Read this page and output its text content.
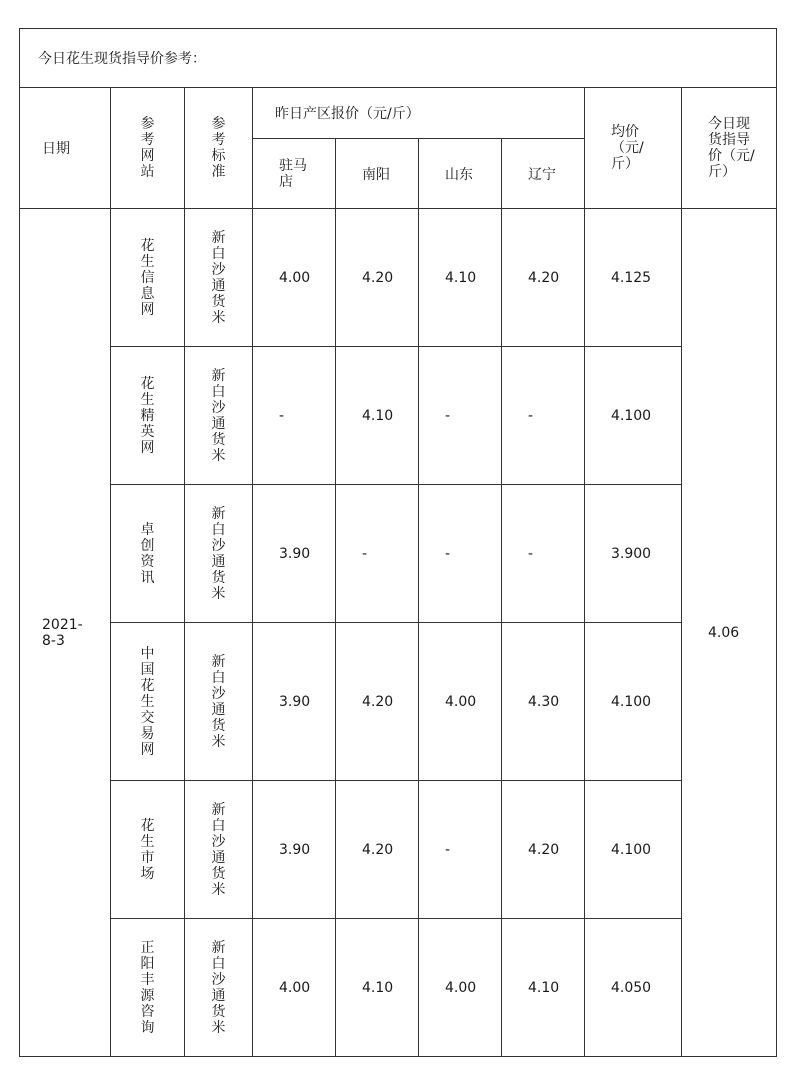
今日花生现货指导价参考：								
日期	参考网站	参考标准	昨日产区报价（元/斤）				均价（元/斤）	今日现货指导价（元/斤）

			驻马店	南阳	山东	辽宁		
2021-8-3	花生信息网	新白沙通货米	4.00	4.20	4.10	4.20	4.125	4.06

	花生精英网	新白沙通货米	-	4.10	-	-	4.100	

	卓创资讯	新白沙通货米	3.90	-	-	-	3.900	

	中国花生交易网	新白沙通货米	3.90	4.20	4.00	4.30	4.100	

	花生市场	新白沙通货米	3.90	4.20	-	4.20	4.100	

	正阳丰源咨询	新白沙通货米	4.00	4.10	4.00	4.10	4.050	
